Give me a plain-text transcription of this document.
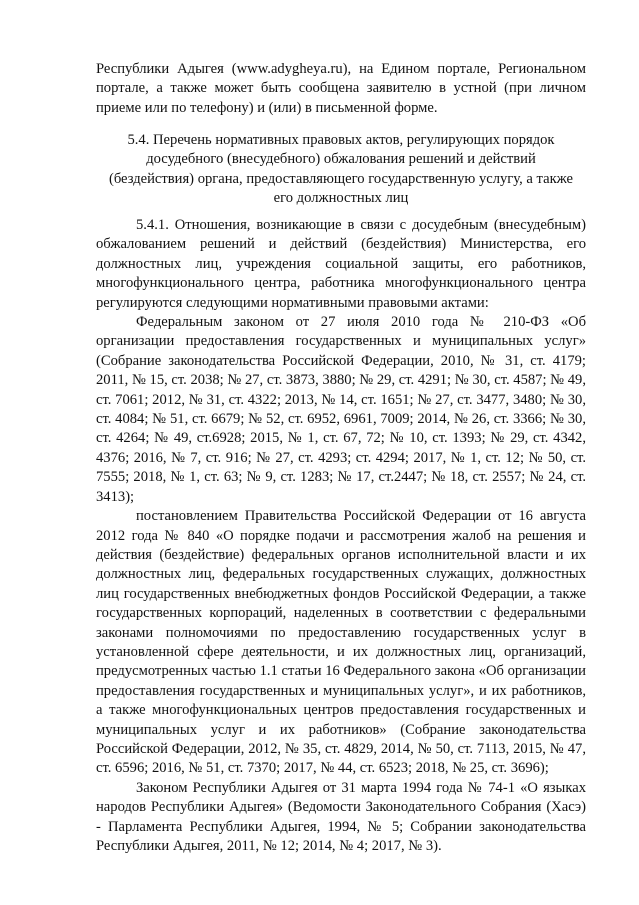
Республики Адыгея (www.adygheya.ru), на Едином портале, Региональном портале, а также может быть сообщена заявителю в устной (при личном приеме или по телефону) и (или) в письменной форме.

5.4. Перечень нормативных правовых актов, регулирующих порядок
досудебного (внесудебного) обжалования решений и действий
(бездействия) органа, предоставляющего государственную услугу, а также
его должностных лиц

5.4.1. Отношения, возникающие в связи с досудебным (внесудебным) обжалованием решений и действий (бездействия) Министерства, его должностных лиц, учреждения социальной защиты, его работников, многофункционального центра, работника многофункционального центра регулируются следующими нормативными правовыми актами:

Федеральным законом от 27 июля 2010 года № 210-ФЗ «Об организации предоставления государственных и муниципальных услуг» (Собрание законодательства Российской Федерации, 2010, № 31, ст. 4179; 2011, № 15, ст. 2038; № 27, ст. 3873, 3880; № 29, ст. 4291; № 30, ст. 4587; № 49, ст. 7061; 2012, № 31, ст. 4322; 2013, № 14, ст. 1651; № 27, ст. 3477, 3480; № 30, ст. 4084; № 51, ст. 6679; № 52, ст. 6952, 6961, 7009; 2014, № 26, ст. 3366; № 30, ст. 4264; № 49, ст.6928; 2015, № 1, ст. 67, 72; № 10, ст. 1393; № 29, ст. 4342, 4376; 2016, № 7, ст. 916; № 27, ст. 4293; ст. 4294; 2017, № 1, ст. 12; № 50, ст. 7555; 2018, № 1, ст. 63; № 9, ст. 1283; № 17, ст.2447; № 18, ст. 2557; № 24, ст. 3413);

постановлением Правительства Российской Федерации от 16 августа 2012 года № 840 «О порядке подачи и рассмотрения жалоб на решения и действия (бездействие) федеральных органов исполнительной власти и их должностных лиц, федеральных государственных служащих, должностных лиц государственных внебюджетных фондов Российской Федерации, а также государственных корпораций, наделенных в соответствии с федеральными законами полномочиями по предоставлению государственных услуг в установленной сфере деятельности, и их должностных лиц, организаций, предусмотренных частью 1.1 статьи 16 Федерального закона «Об организации предоставления государственных и муниципальных услуг», и их работников, а также многофункциональных центров предоставления государственных и муниципальных услуг и их работников» (Собрание законодательства Российской Федерации, 2012, № 35, ст. 4829, 2014, № 50, ст. 7113, 2015, № 47, ст. 6596; 2016, № 51, ст. 7370; 2017, № 44, ст. 6523; 2018, № 25, ст. 3696);

Законом Республики Адыгея от 31 марта 1994 года № 74-1 «О языках народов Республики Адыгея» (Ведомости Законодательного Собрания (Хасэ) - Парламента Республики Адыгея, 1994, № 5; Собрании законодательства Республики Адыгея, 2011, № 12; 2014, № 4; 2017, № 3).
